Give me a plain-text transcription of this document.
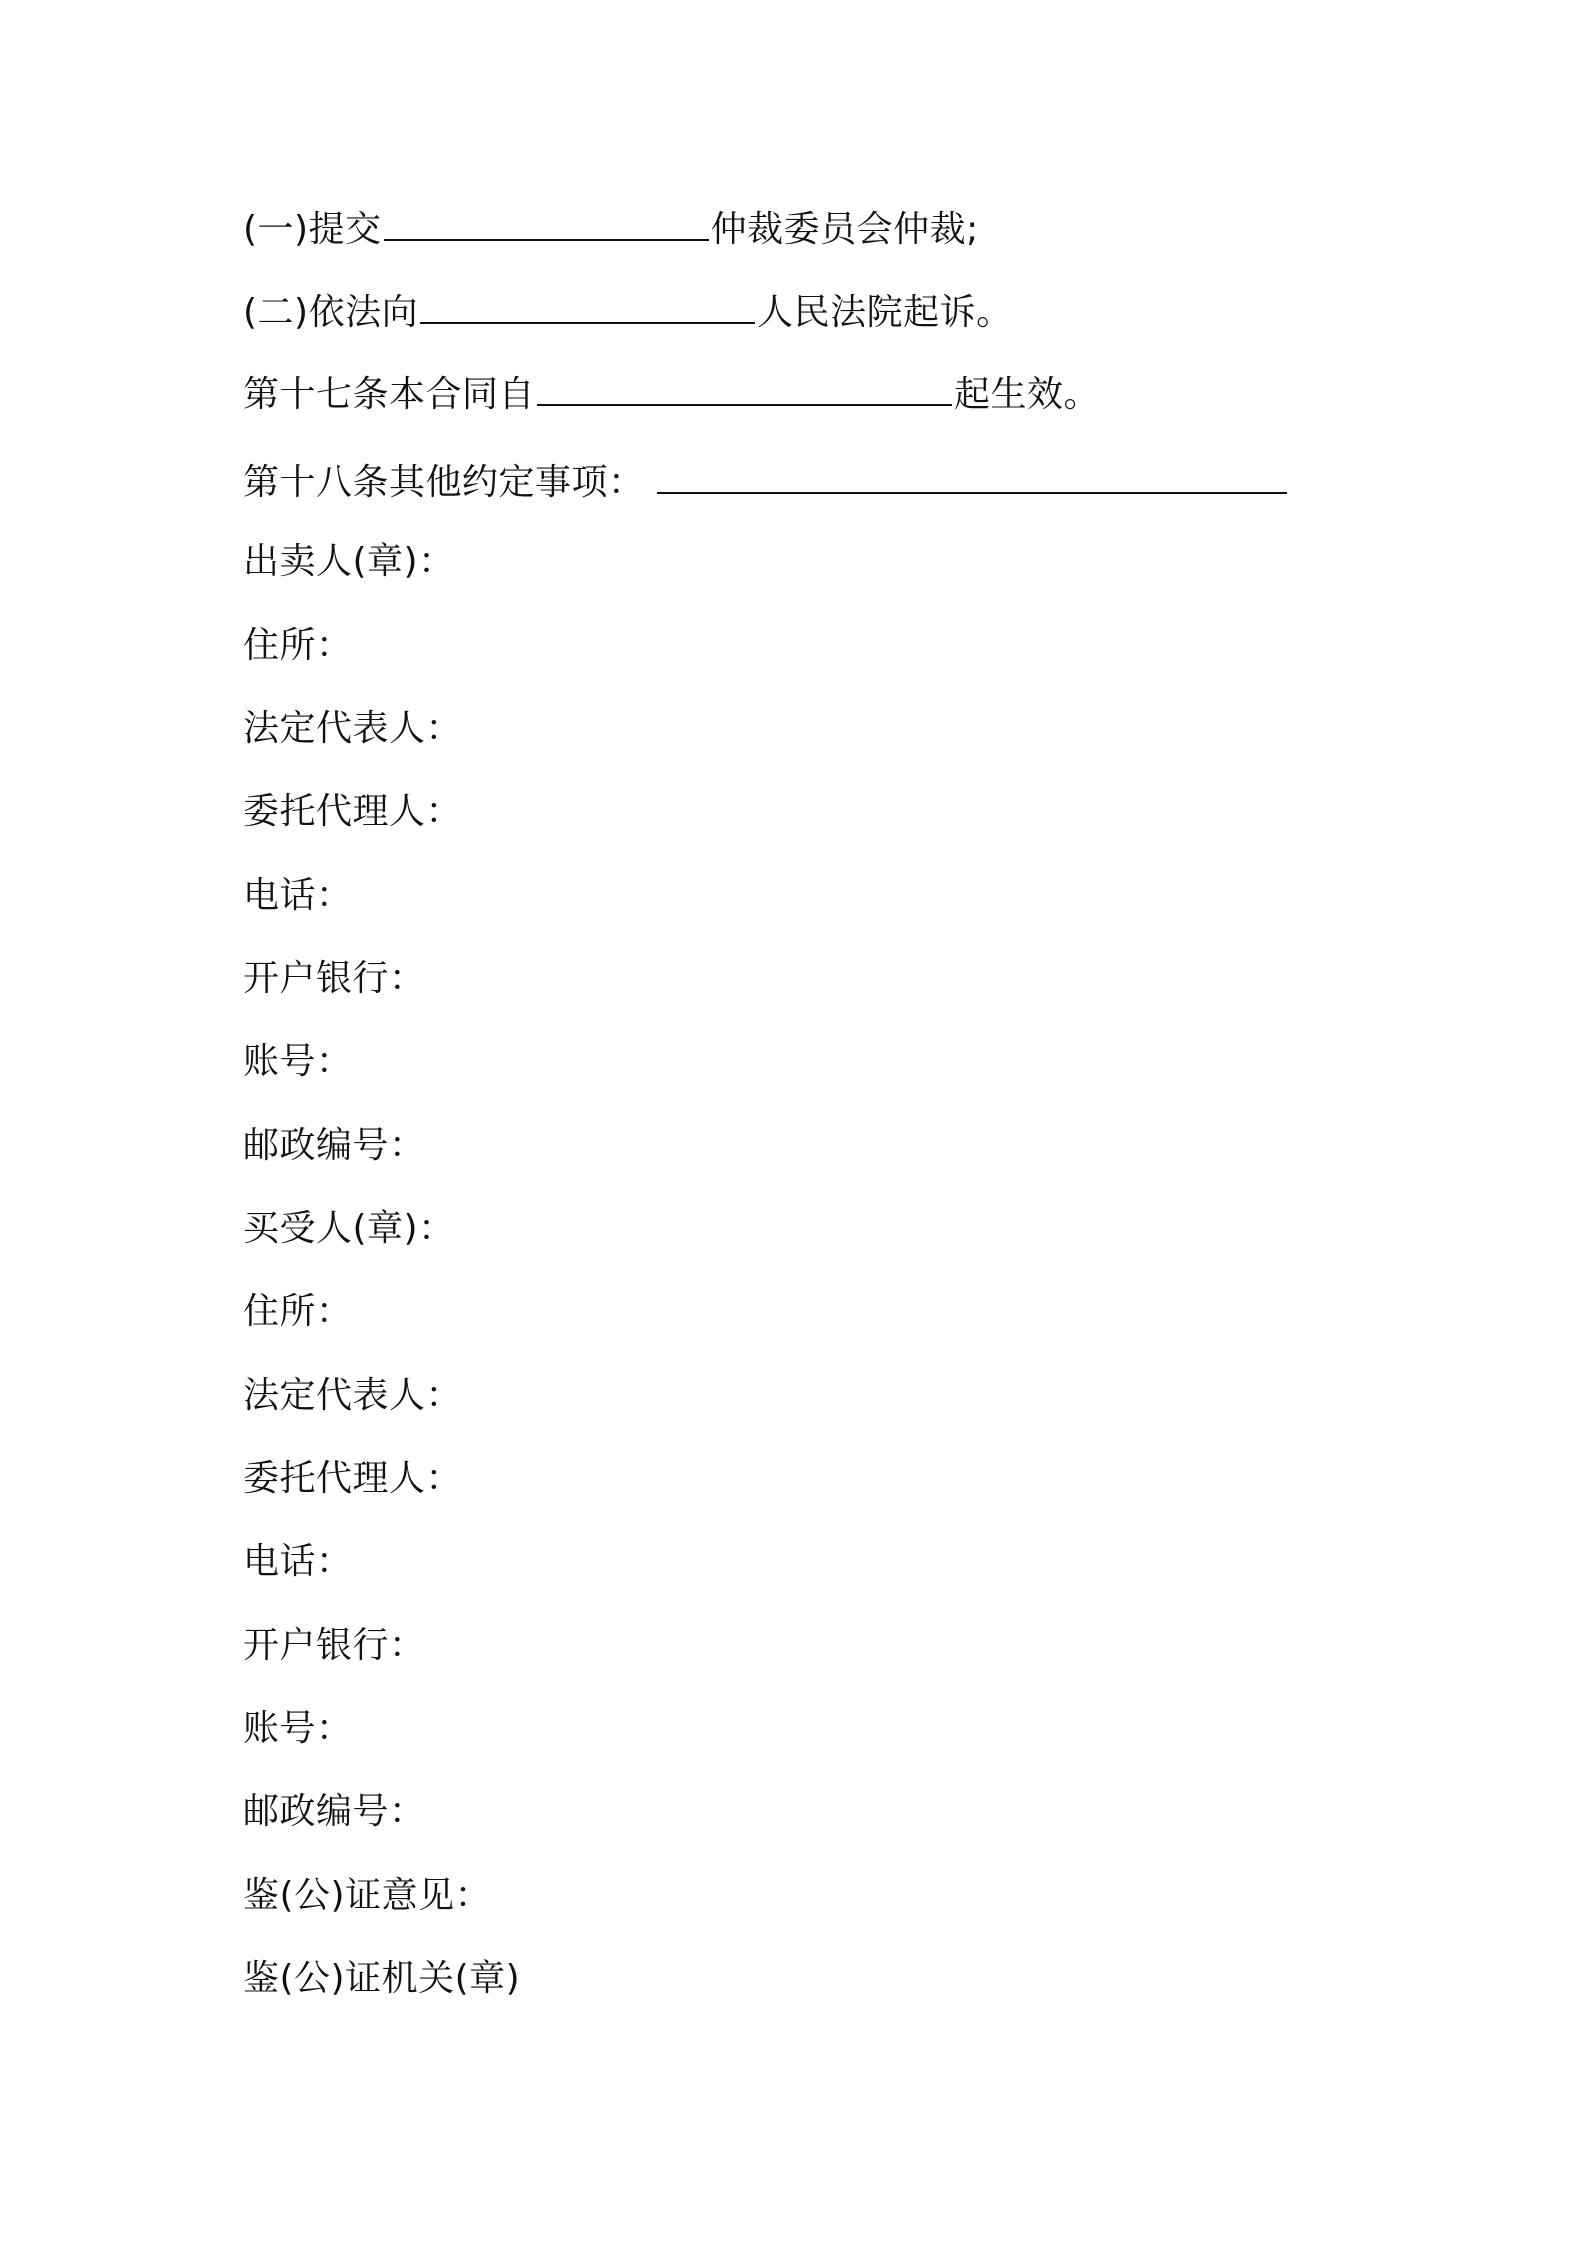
(一)提交	仲裁委员会仲裁;
(二)依法向	人民法院起诉。
第十七条本合同自	起生效。
第十八条其他约定事项：
出卖人(章)：
住所：
法定代表人：
委托代理人：
电话：
开户银行：
账号：
邮政编号：
买受人(章)：
住所：
法定代表人：
委托代理人：
电话：
开户银行：
账号：
邮政编号：
鉴(公)证意见：
鉴(公)证机关(章)
